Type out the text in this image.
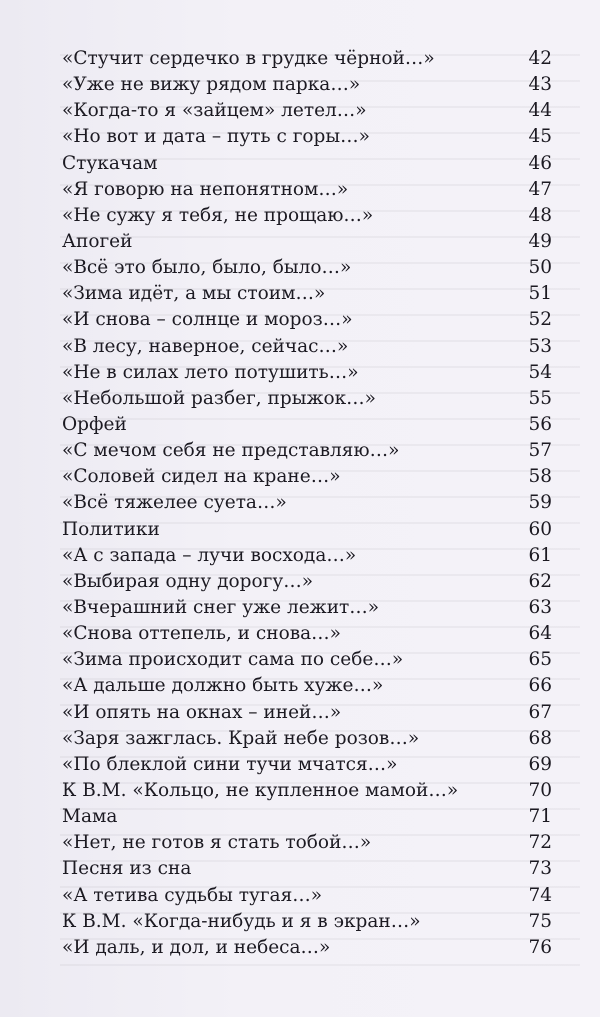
«Стучит сердечко в грудке чёрной…»	42
«Уже не вижу рядом парка…»	43
«Когда-то я «зайцем» летел…»	44
«Но вот и дата – путь с горы…»	45
Стукачам	46
«Я говорю на непонятном…»	47
«Не сужу я тебя, не прощаю…»	48
Апогей	49
«Всё это было, было, было…»	50
«Зима идёт, а мы стоим…»	51
«И снова – солнце и мороз…»	52
«В лесу, наверное, сейчас…»	53
«Не в силах лето потушить…»	54
«Небольшой разбег, прыжок…»	55
Орфей	56
«С мечом себя не представляю…»	57
«Соловей сидел на кране…»	58
«Всё тяжелее суета…»	59
Политики	60
«А с запада – лучи восхода…»	61
«Выбирая одну дорогу…»	62
«Вчерашний снег уже лежит…»	63
«Снова оттепель, и снова…»	64
«Зима происходит сама по себе…»	65
«А дальше должно быть хуже…»	66
«И опять на окнах – иней…»	67
«Заря зажглась. Край небе розов…»	68
«По блеклой сини тучи мчатся…»	69
К В.М. «Кольцо, не купленное мамой…»	70
Мама	71
«Нет, не готов я стать тобой…»	72
Песня из сна	73
«А тетива судьбы тугая…»	74
К В.М. «Когда-нибудь и я в экран…»	75
«И даль, и дол, и небеса…»	76
